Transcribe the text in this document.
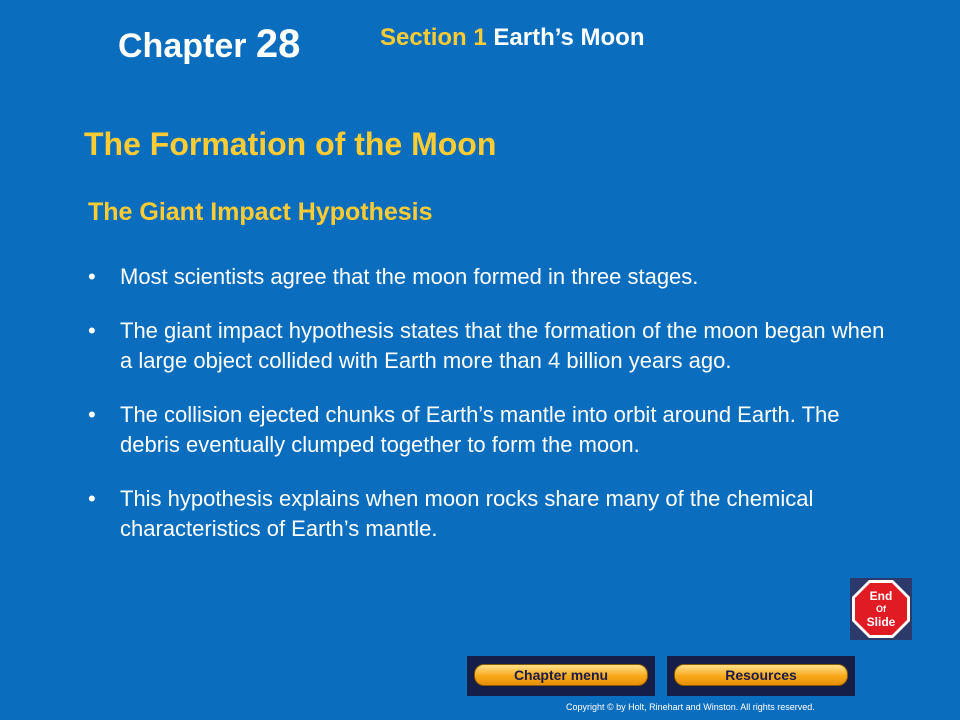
Chapter 28	Section 1 Earth’s Moon
The Formation of the Moon
The Giant Impact Hypothesis
• Most scientists agree that the moon formed in three stages.
• The giant impact hypothesis states that the formation of the moon began when a large object collided with Earth more than 4 billion years ago.
• The collision ejected chunks of Earth’s mantle into orbit around Earth. The debris eventually clumped together to form the moon.
• This hypothesis explains when moon rocks share many of the chemical characteristics of Earth’s mantle.
End
Of
Slide
Chapter menu	Resources
Copyright © by Holt, Rinehart and Winston. All rights reserved.
